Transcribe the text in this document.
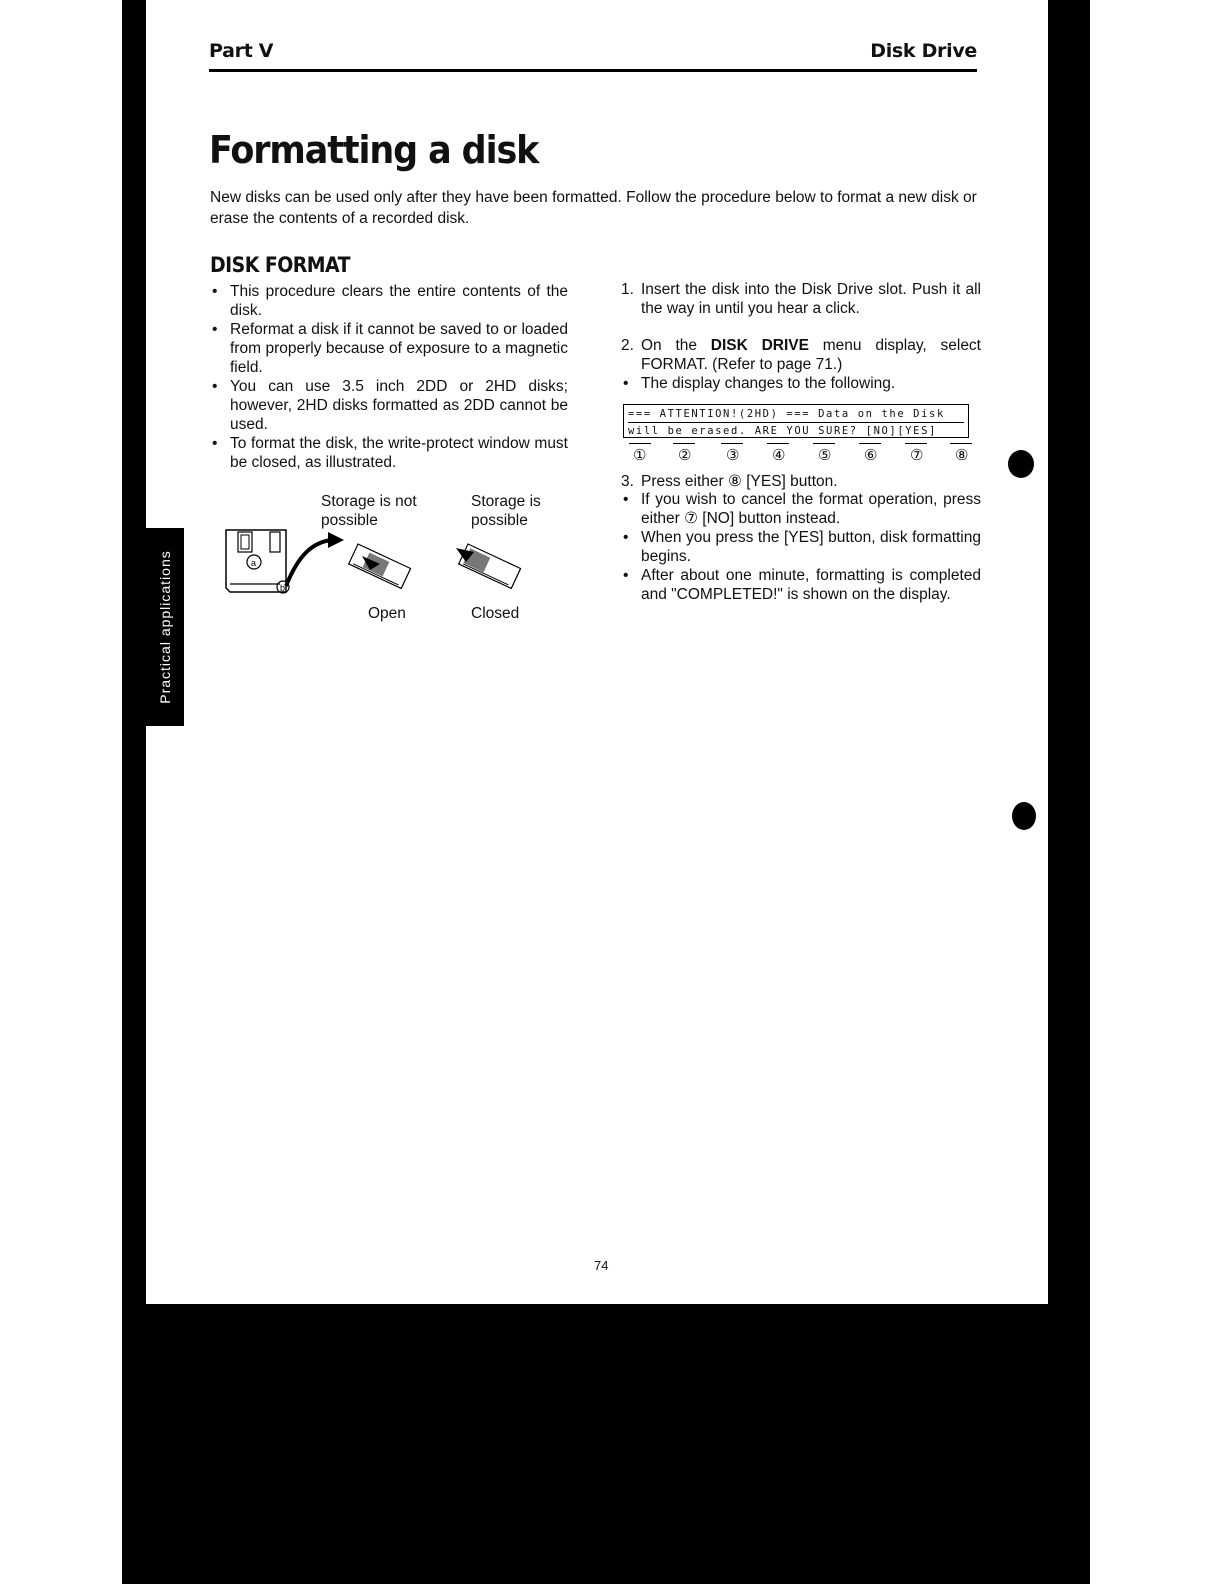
Part V	Disk Drive
Formatting a disk
New disks can be used only after they have been formatted. Follow the procedure below to format a new disk or erase the contents of a recorded disk.
DISK FORMAT
• This procedure clears the entire contents of the disk.
• Reformat a disk if it cannot be saved to or loaded from properly because of exposure to a magnetic field.
• You can use 3.5 inch 2DD or 2HD disks; however, 2HD disks formatted as 2DD cannot be used.
• To format the disk, the write-protect window must be closed, as illustrated.
Storage is not possible
Storage is possible
a
b
Open	Closed
1. Insert the disk into the Disk Drive slot. Push it all the way in until you hear a click.
2. On the DISK DRIVE menu display, select FORMAT. (Refer to page 71.)
• The display changes to the following.
=== ATTENTION!(2HD) === Data on the Disk
will be erased. ARE YOU SURE? [NO][YES]
① ② ③ ④ ⑤ ⑥ ⑦ ⑧
3. Press either ⑧ [YES] button.
• If you wish to cancel the format operation, press either ⑦ [NO] button instead.
• When you press the [YES] button, disk formatting begins.
• After about one minute, formatting is completed and "COMPLETED!" is shown on the display.
74
Practical applications
